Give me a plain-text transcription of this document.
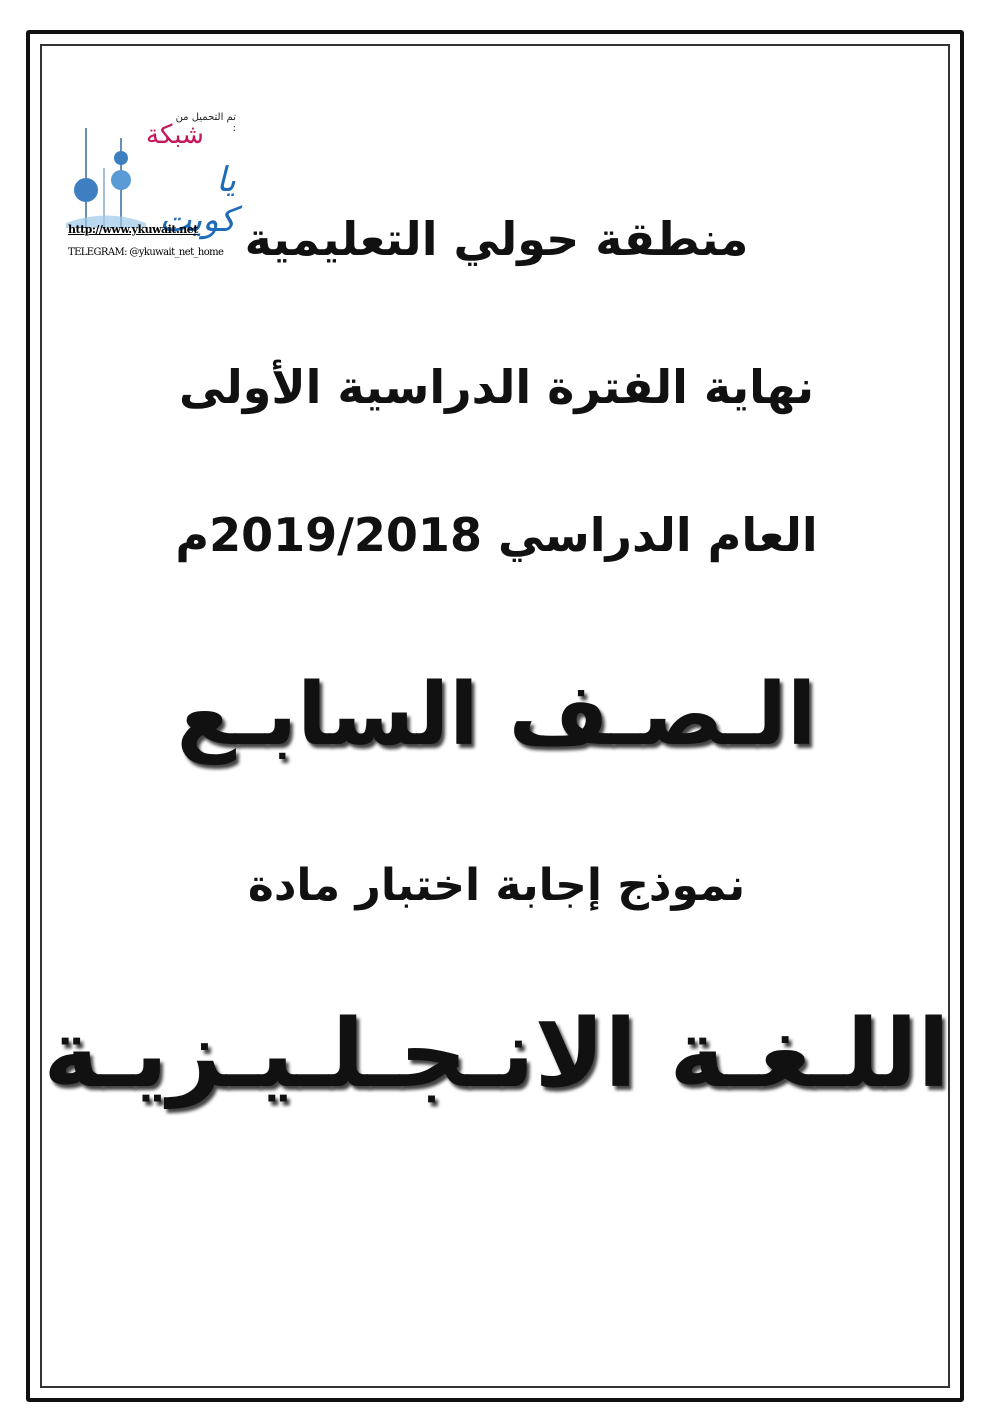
تم التحميل من :
شبكة
يا كويت
http://www.ykuwait.net
TELEGRAM: @ykuwait_net_home منطقة حولي التعليمية
نهاية الفترة الدراسية الأولى
العام الدراسي 2019/2018م
الـصـف السابـع
نموذج إجابة اختبار مادة
اللـغـة الانـجـلـيـزيـة
